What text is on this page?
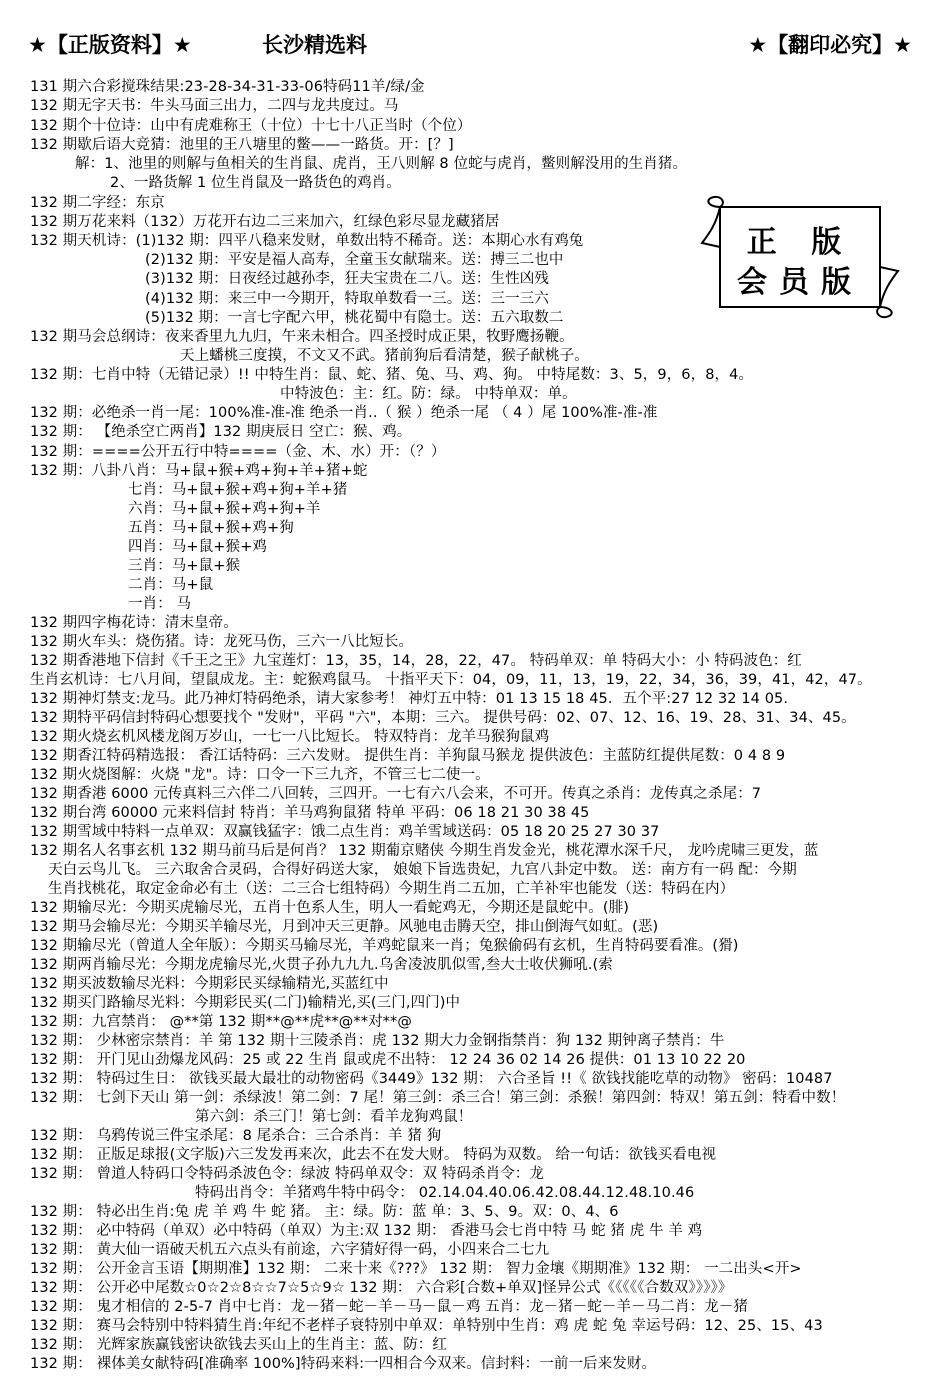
★【正版资料】★	长沙精选料	★【翻印必究】★
131 期六合彩搅珠结果:23-28-34-31-33-06特码11羊/绿/金
132 期无字天书：牛头马面三出力，二四与龙共度过。马
132 期个十位诗：山中有虎难称王（十位）十七十八正当时（个位）
132 期歇后语大竞猜：池里的王八塘里的鳖——一路货。开：[？]
解：1、池里的则解与鱼相关的生肖鼠、虎肖，王八则解 8 位蛇与虎肖，鳖则解没用的生肖猪。
2、一路货解 1 位生肖鼠及一路货色的鸡肖。
132 期二字经：东京
132 期万花来料（132）万花开右边二三来加六，红绿色彩尽显龙藏猪居
132 期天机诗：(1)132 期：四平八稳来发财，单数出特不稀奇。送：本期心水有鸡兔
(2)132 期：平安是福人高寿，全童玉女献瑞来。送：搏三二也中
(3)132 期：日夜经过越孙李，狂夫宝贵在二八。送：生性凶残
(4)132 期：来三中一今期开，特取单数看一三。送：三一三六
(5)132 期：一言七字配六甲，桃花蜀中有隐士。送：五六取数二
132 期马会总纲诗：夜来香里九九归，午来未相合。四圣授时成正果，牧野鹰扬鞭。
天上蟠桃三度摸，不文又不武。猪前狗后看清楚，猴子献桃子。
132 期：七肖中特（无错记录）!! 中特生肖：鼠、蛇、猪、兔、马、鸡、狗。 中特尾数：3、5，9，6，8，4。
中特波色：主：红。防：绿。 中特单双：单。
132 期：必绝杀一肖一尾：100%准-准-准 绝杀一肖..（ 猴 ）绝杀一尾 （ 4 ）尾 100%准-准-准
132 期： 【绝杀空亡两肖】132 期庚辰日 空亡：猴、鸡。
132 期：====公开五行中特====（金、木、水）开：（？）
132 期：八卦八肖：马+鼠+猴+鸡+狗+羊+猪+蛇
七肖：马+鼠+猴+鸡+狗+羊+猪
六肖：马+鼠+猴+鸡+狗+羊
五肖：马+鼠+猴+鸡+狗
四肖：马+鼠+猴+鸡
三肖：马+鼠+猴
二肖：马+鼠
一肖： 马
132 期四字梅花诗：清末皇帝。
132 期火车头：烧伤猪。诗：龙死马伤，三六一八比短长。
132 期香港地下信封《千王之王》九宝莲灯：13，35，14，28，22，47。 特码单双：单 特码大小：小 特码波色：红
生肖玄机诗：七八月间，望鼠成龙。主：蛇猴鸡鼠马。 十指平天下：04，09，11，13，19，22，34，36，39，41，42，47。
132 期神灯禁支:龙马。此乃神灯特码绝杀，请大家参考！ 神灯五中特：01 13 15 18 45．五个平:27 12 32 14 05.
132 期特平码信封特码心想要找个 "发财"，平码 "六"，本期：三六。 提供号码：02、07、12、16、19、28、31、34、45。
132 期火烧玄机风楼龙阁万岁山，一七一八比短长。 特双特肖：龙羊马猴狗鼠鸡
132 期香江特码精选报： 香江话特码：三六发财。 提供生肖：羊狗鼠马猴龙 提供波色：主蓝防红提供尾数：0 4 8 9
132 期火烧图解：火烧 "龙"。诗：口令一下三九齐，不管三七二使一。
132 期香港 6000 元传真料三六伴二八回转，三四开。一七有六八会来，不可开。传真之杀肖：龙传真之杀尾：7
132 期台湾 60000 元来料信封 特肖：羊马鸡狗鼠猪 特单 平码：06 18 21 30 38 45
132 期雪域中特料一点单双：双赢钱猛字：饿二点生肖：鸡羊雪域送码：05 18 20 25 27 30 37
132 期名人名事玄机 132 期马前马后是何肖？ 132 期葡京赌侠 今期生肖发金光，桃花潭水深千尺， 龙吟虎啸三更发，蓝
天白云鸟儿飞。 三六取舍合灵码，合得好码送大家， 娘娘下旨选贵妃，九宫八卦定中数。 送：南方有一码 配：今期
生肖找桃花，取定金命必有土（送：二三合七组特码）今期生肖二五加，亡羊补牢也能发（送：特码在内）
132 期输尽光：今期买虎输尽光，五肖十色系人生，明人一看蛇鸡无，今期还是鼠蛇中。(腓)
132 期马会输尽光：今期买羊输尽光，月到冲天三更静。风驰电击腾天空，排山倒海气如虹。(恶)
132 期输尽光（曾道人全年版）：今期买马输尽光，羊鸡蛇鼠来一肖；兔猴偷码有玄机，生肖特码要看准。(猾)
132 期两肖输尽光：今期龙虎输尽光,火贯子孙九九九.乌舍凌波肌似雪,叁大士收伏狮吼.(索
132 期买波数输尽光料：今期彩民买绿输精光,买蓝红中
132 期买门路输尽光料：今期彩民买(二门)输精光,买(三门,四门)中
132 期：九宫禁肖： @**第 132 期**@**虎**@**对**@
132 期： 少林密宗禁肖：羊 第 132 期十三陵杀肖：虎 132 期大力金钢指禁肖：狗 132 期钟离子禁肖：牛
132 期： 开门见山劲爆龙风码：25 或 22 生肖 鼠或虎不出特： 12 24 36 02 14 26 提供：01 13 10 22 20
132 期： 特码过生日： 欲钱买最大最壮的动物密码《3449》132 期： 六合圣旨 !!《 欲钱找能吃草的动物》 密码：10487
132 期： 七剑下天山 第一剑：杀绿波！第二剑：7 尾！第三剑：杀三合！第三剑：杀猴！第四剑：特双！第五剑：特看中数！
第六剑：杀三门！第七剑：看羊龙狗鸡鼠！
132 期： 乌鸦传说三件宝杀尾：8 尾杀合：三合杀肖：羊 猪 狗
132 期： 正版足球报(文字版)六三发发再来次，此去不在发大财。 特码为双数。 给一句话：欲钱买看电视
132 期： 曾道人特码口令特码杀波色令：绿波 特码单双令：双 特码杀肖令：龙
特码出肖令：羊猪鸡牛特中码令： 02.14.04.40.06.42.08.44.12.48.10.46
132 期： 特必出生肖:兔 虎 羊 鸡 牛 蛇 猪。 主：绿。防：蓝 单：3、5、9。双：0、4、6
132 期： 必中特码（单双）必中特码（单双）为主:双 132 期： 香港马会七肖中特 马 蛇 猪 虎 牛 羊 鸡
132 期： 黄大仙一语破天机五六点头有前途，六字猜好得一码，小四来合二七九
132 期： 公开金言玉语【期期准】132 期： 二来十来《???》 132 期： 智力金壤《期期准》132 期： 一二出头<开>
132 期： 公开必中尾数☆0☆2☆8☆☆7☆5☆9☆ 132 期： 六合彩[合数+单双]怪异公式《《《《《合数双》》》》》
132 期： 鬼才相信的 2-5-7 肖中七肖：龙－猪－蛇－羊－马－鼠－鸡 五肖：龙－猪－蛇－羊－马二肖：龙－猪
132 期： 赛马会特别中特料猜生肖:年纪不老样子衰特别中单双：单特别中生肖：鸡 虎 蛇 兔 幸运号码：12、25、15、43
132 期： 光辉家族赢钱密诀欲钱去买山上的生肖主：蓝、防：红
132 期： 裸体美女献特码[准确率 100%]特码来料:一四相合今双来。信封料：一前一后来发财。
正 版
会员版
